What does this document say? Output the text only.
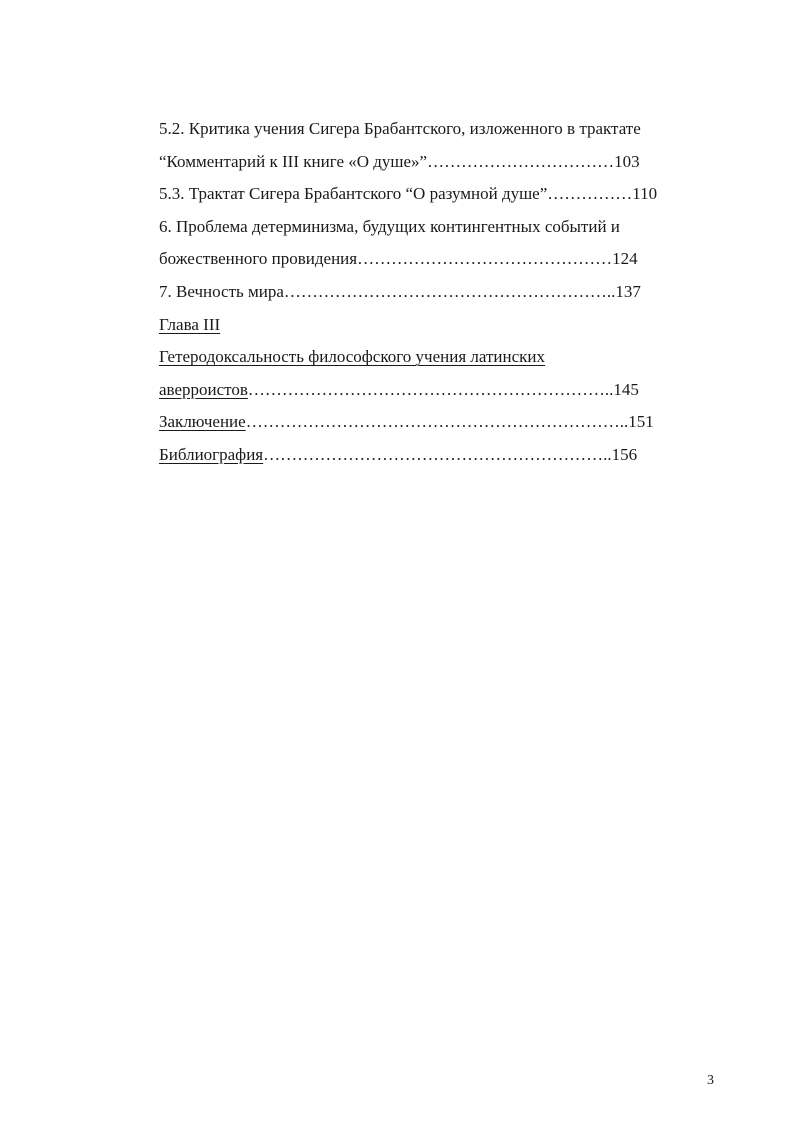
5.2. Критика учения Сигера Брабантского, изложенного в трактате
“Комментарий к III книге «О душе»”……………………………103
5.3. Трактат Сигера Брабантского “О разумной душе”……………110
6. Проблема детерминизма, будущих контингентных событий и
божественного провидения………………………………………124
7. Вечность мира…………………………………………………..137
Глава III
Гетеродоксальность философского учения латинских
аверроистов………………………………………………………..145
Заключение…………………………………………………………..151
Библиография……………………………………………………..156
3
